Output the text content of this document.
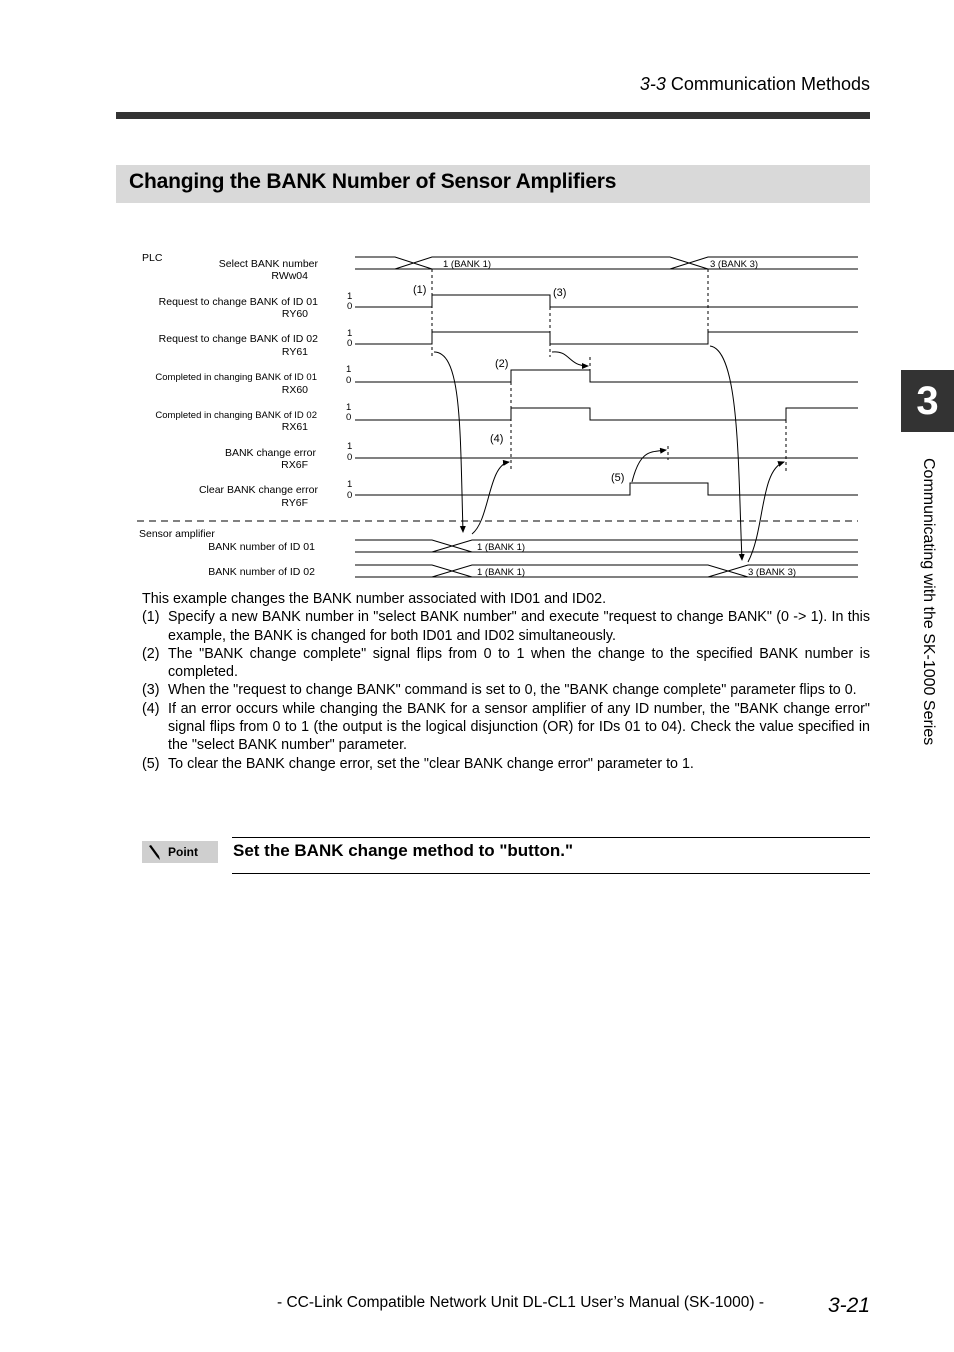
3-3 Communication Methods
Changing the BANK Number of Sensor Amplifiers
3
Communicating with the SK-1000 Series
PLC	Select BANK number
RWw04
Request to change BANK of ID 01
RY60
Request to change BANK of ID 02
RY61
Completed in changing BANK of ID 01
RX60
Completed in changing BANK of ID 02
RX61
BANK change error
RX6F
Clear BANK change error
RY6F
Sensor amplifier
BANK number of ID 01
BANK number of ID 02
1
0
1
0
1
0
1
0
1
0
1
0
1 (BANK 1)	3 (BANK 3)
1 (BANK 1)
1 (BANK 1)	3 (BANK 3)
(1)	(3)
(2)
(4)
(5)

This example changes the BANK number associated with ID01 and ID02.

(1) Specify a new BANK number in "select BANK number" and execute "request to change BANK" (0 -> 1). In this example, the BANK is changed for both ID01 and ID02 simultaneously.
(2) The "BANK change complete" signal flips from 0 to 1 when the change to the specified BANK number is completed.
(3) When the "request to change BANK" command is set to 0, the "BANK change complete" parameter flips to 0.
(4) If an error occurs while changing the BANK for a sensor amplifier of any ID number, the "BANK change error" signal flips from 0 to 1 (the output is the logical disjunction (OR) for IDs 01 to 04). Check the value specified in the "select BANK number" parameter.
(5) To clear the BANK change error, set the "clear BANK change error" parameter to 1.
Point Set the BANK change method to "button."
- CC-Link Compatible Network Unit DL-CL1 User’s Manual (SK-1000) -	3-21
